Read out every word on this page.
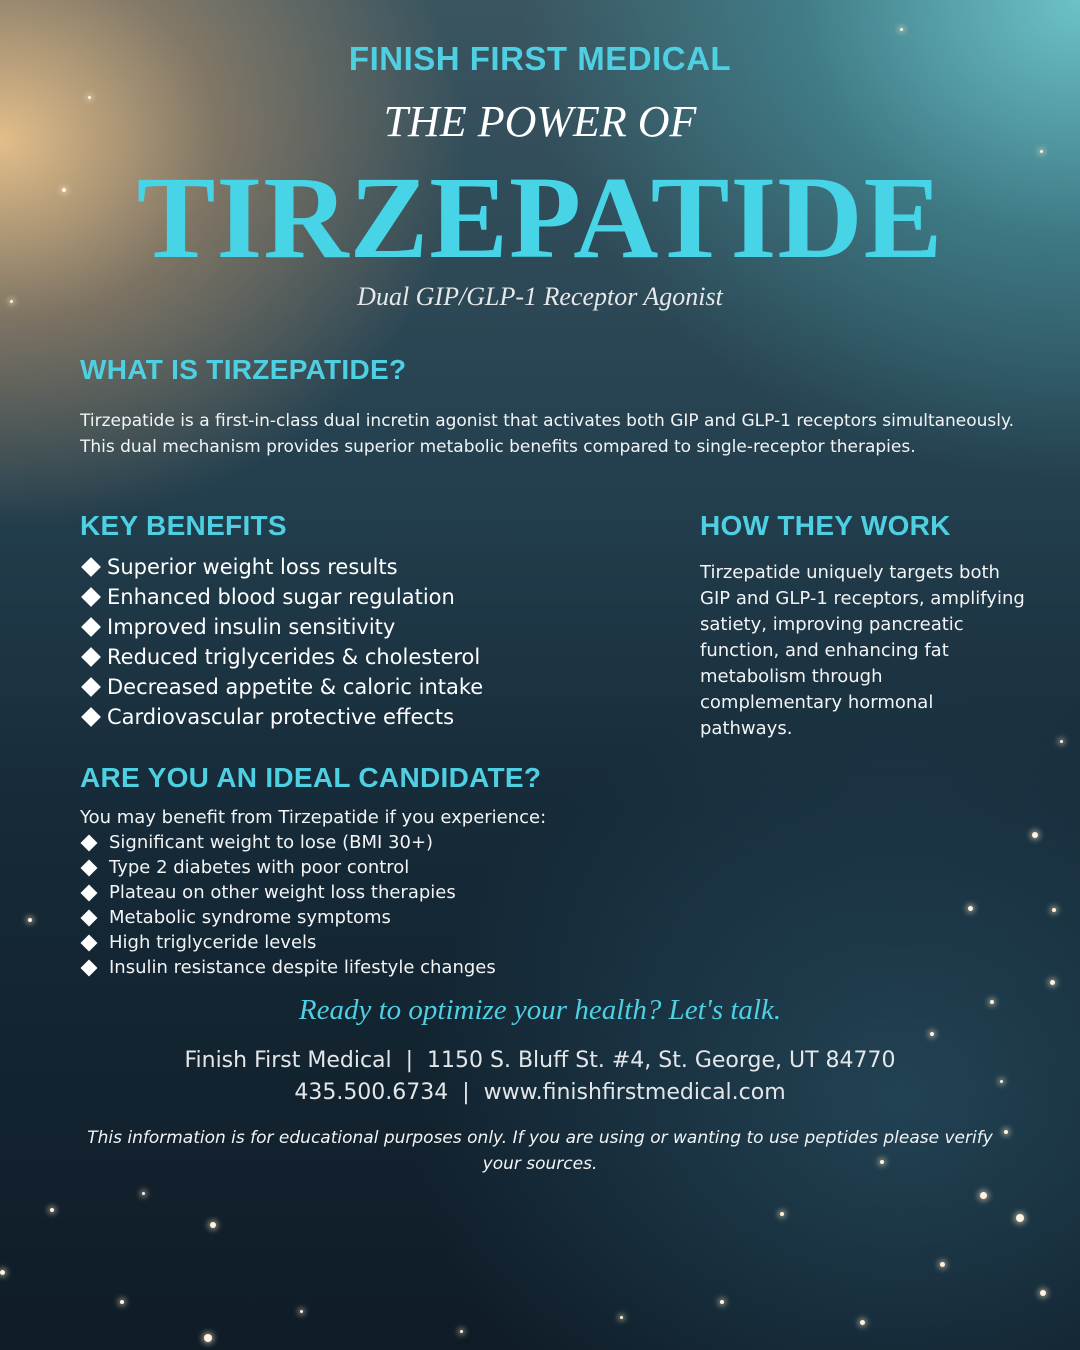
FINISH FIRST MEDICAL
THE POWER OF
TIRZEPATIDE
Dual GIP/GLP-1 Receptor Agonist
WHAT IS TIRZEPATIDE?

Tirzepatide is a first-in-class dual incretin agonist that activates both GIP and GLP-1 receptors simultaneously. This dual mechanism provides superior metabolic benefits compared to single-receptor therapies.

KEY BENEFITS
Superior weight loss results
Enhanced blood sugar regulation
Improved insulin sensitivity
Reduced triglycerides & cholesterol
Decreased appetite & caloric intake
Cardiovascular protective effects
HOW THEY WORK

Tirzepatide uniquely targets both GIP and GLP-1 receptors, amplifying satiety, improving pancreatic function, and enhancing fat metabolism through complementary hormonal pathways.

ARE YOU AN IDEAL CANDIDATE?

You may benefit from Tirzepatide if you experience:

Significant weight to lose (BMI 30+)
Type 2 diabetes with poor control
Plateau on other weight loss therapies
Metabolic syndrome symptoms
High triglyceride levels
Insulin resistance despite lifestyle changes
Ready to optimize your health? Let's talk.
Finish First Medical  |  1150 S. Bluff St. #4, St. George, UT 84770
435.500.6734  |  www.finishfirstmedical.com

This information is for educational purposes only. If you are using or wanting to use peptides please verify your sources.
